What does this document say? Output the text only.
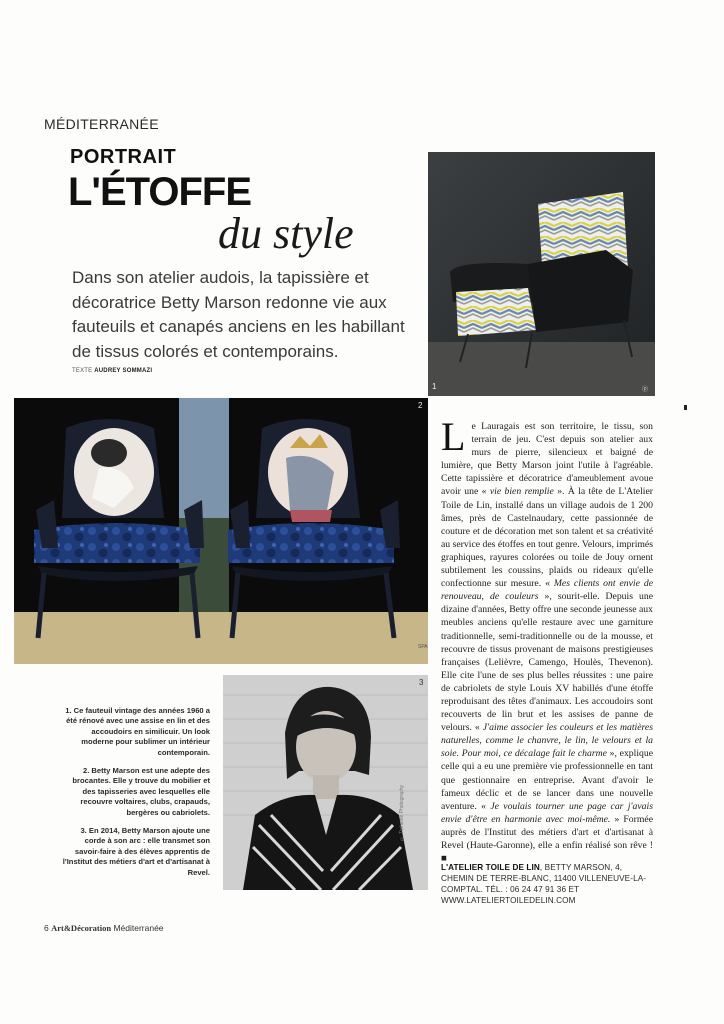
MÉDITERRANÉE
PORTRAIT
L'ÉTOFFE
du style
Dans son atelier audois, la tapissière et décoratrice Betty Marson redonne vie aux fauteuils et canapés anciens en les habillant de tissus colorés et contemporains.
TEXTE AUDREY SOMMAZI
1	ⓟ
2
SPA
3
© Tiphaine Photography

Le Lauragais est son territoire, le tissu, son terrain de jeu. C'est depuis son atelier aux murs de pierre, silencieux et baigné de lumière, que Betty Marson joint l'utile à l'agréable. Cette tapissière et décoratrice d'ameublement avoue avoir une « vie bien remplie ». À la tête de L'Atelier Toile de Lin, installé dans un village audois de 1 200 âmes, près de Castelnaudary, cette passionnée de couture et de décoration met son talent et sa créativité au service des étoffes en tout genre. Velours, imprimés graphiques, rayures colorées ou toile de Jouy ornent subtilement les coussins, plaids ou rideaux qu'elle confectionne sur mesure. « Mes clients ont envie de renouveau, de couleurs », sourit-elle. Depuis une dizaine d'années, Betty offre une seconde jeunesse aux meubles anciens qu'elle restaure avec une garniture traditionnelle, semi-traditionnelle ou de la mousse, et recouvre de tissus provenant de maisons prestigieuses françaises (Lelièvre, Camengo, Houlès, Thevenon). Elle cite l'une de ses plus belles réussites : une paire de cabriolets de style Louis XV habillés d'une étoffe reproduisant des têtes d'animaux. Les accoudoirs sont recouverts de lin brut et les assises de panne de velours. « J'aime associer les couleurs et les matières naturelles, comme le chanvre, le lin, le velours et la soie. Pour moi, ce décalage fait le charme », explique celle qui a eu une première vie professionnelle en tant que gestionnaire en entreprise. Avant d'avoir le fameux déclic et de se lancer dans une nouvelle aventure. « Je voulais tourner une page car j'avais envie d'être en harmonie avec moi-même. » Formée auprès de l'Institut des métiers d'art et d'artisanat à Revel (Haute-Garonne), elle a enfin réalisé son rêve ! ■

L'ATELIER TOILE DE LIN, BETTY MARSON, 4, CHEMIN DE TERRE-BLANC, 11400 VILLENEUVE-LA-COMPTAL. TÉL. : 06 24 47 91 36 ET WWW.LATELIERTOILEDELIN.COM

1. Ce fauteuil vintage des années 1960 a été rénové avec une assise en lin et des accoudoirs en similicuir. Un look moderne pour sublimer un intérieur contemporain.

2. Betty Marson est une adepte des brocantes. Elle y trouve du mobilier et des tapisseries avec lesquelles elle recouvre voltaires, clubs, crapauds, bergères ou cabriolets.

3. En 2014, Betty Marson ajoute une corde à son arc : elle transmet son savoir-faire à des élèves apprentis de l'Institut des métiers d'art et d'artisanat à Revel.

6 Art&Décoration Méditerranée
